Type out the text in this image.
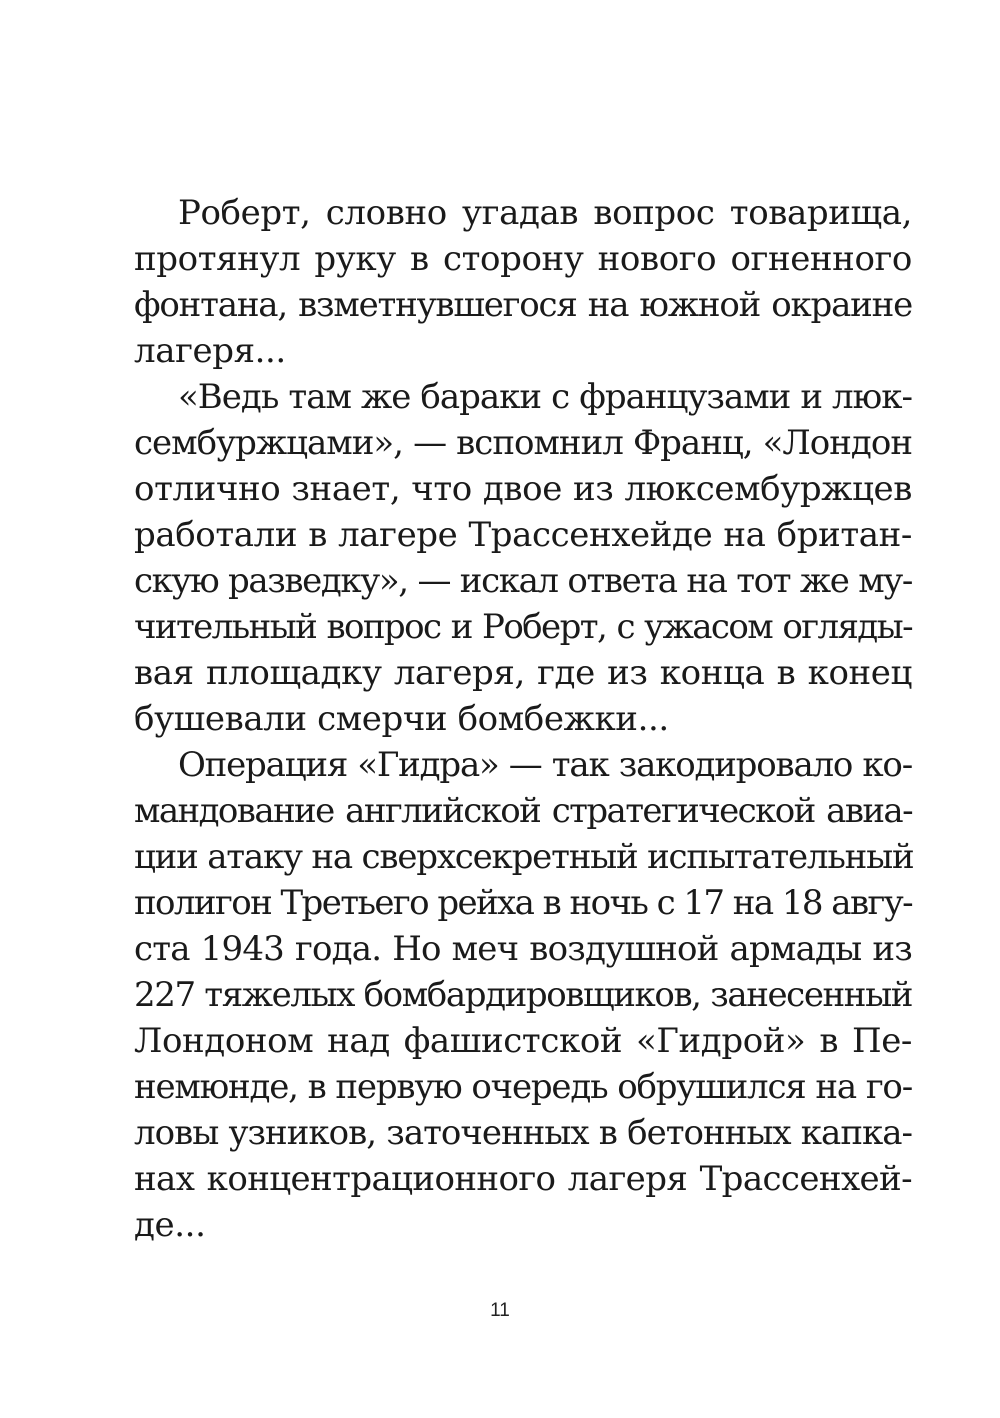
Роберт, словно угадав вопрос товарища,
протянул руку в сторону нового огненного
фонтана, взметнувшегося на южной окраине
лагеря...
«Ведь там же бараки с французами и люк-
сембуржцами», — вспомнил Франц, «Лондон
отлично знает, что двое из люксембуржцев
работали в лагере Трассенхейде на британ-
скую разведку», — искал ответа на тот же му-
чительный вопрос и Роберт, с ужасом огляды-
вая площадку лагеря, где из конца в конец
бушевали смерчи бомбежки...
Операция «Гидра» — так закодировало ко-
мандование английской стратегической авиа-
ции атаку на сверхсекретный испытательный
полигон Третьего рейха в ночь с 17 на 18 авгу-
ста 1943 года. Но меч воздушной армады из
227 тяжелых бомбардировщиков, занесенный
Лондоном над фашистской «Гидрой» в Пе-
немюнде, в первую очередь обрушился на го-
ловы узников, заточенных в бетонных капка-
нах концентрационного лагеря Трассенхей-
де...
11
